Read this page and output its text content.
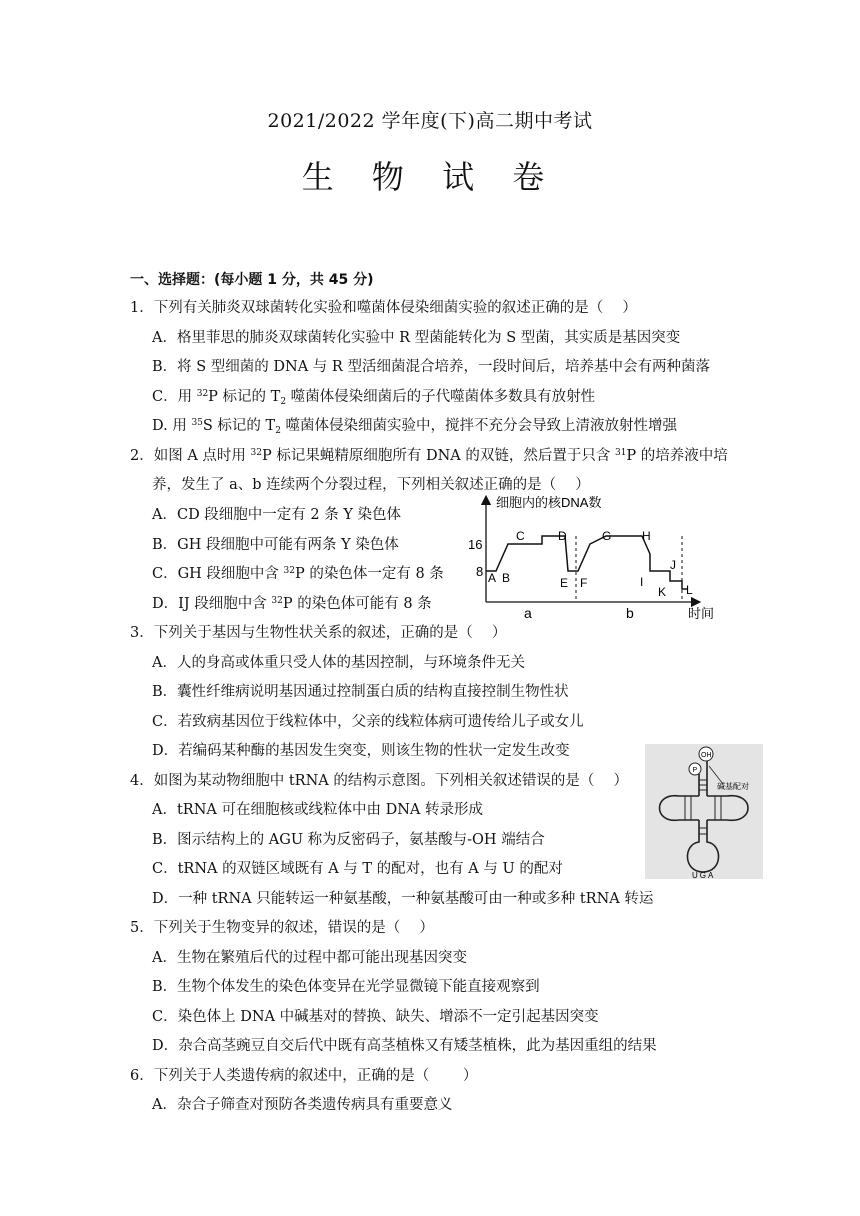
2021/2022 学年度(下)高二期中考试
生 物 试 卷
一、选择题：(每小题 1 分，共 45 分)
1．下列有关肺炎双球菌转化实验和噬菌体侵染细菌实验的叙述正确的是（　 ）
A．格里菲思的肺炎双球菌转化实验中 R 型菌能转化为 S 型菌，其实质是基因突变
B．将 S 型细菌的 DNA 与 R 型活细菌混合培养，一段时间后，培养基中会有两种菌落
C．用 $^{32}$P 标记的 $T_2$ 噬菌体侵染细菌后的子代噬菌体多数具有放射性
D. 用 $^{35}$S 标记的 $T_2$ 噬菌体侵染细菌实验中，搅拌不充分会导致上清液放射性增强
2．如图 A 点时用 $^{32}$P 标记果蝇精原细胞所有 DNA 的双链，然后置于只含 $^{31}$P 的培养液中培
养，发生了 a、b 连续两个分裂过程，下列相关叙述正确的是（　 ）
A．CD 段细胞中一定有 2 条 Y 染色体
B．GH 段细胞中可能有两条 Y 染色体
C．GH 段细胞中含 $^{32}$P 的染色体一定有 8 条
D．IJ 段细胞中含 $^{32}$P 的染色体可能有 8 条
细胞内的核DNA数
16
8 A B
C	D
E F
G	H
I
J
K L
a	b	时间
3．下列关于基因与生物性状关系的叙述，正确的是（　 ）
A．人的身高或体重只受人体的基因控制，与环境条件无关
B．囊性纤维病说明基因通过控制蛋白质的结构直接控制生物性状
C．若致病基因位于线粒体中，父亲的线粒体病可遗传给儿子或女儿
D．若编码某种酶的基因发生突变，则该生物的性状一定发生改变	OH
P
碱基配对
UGA
4．如图为某动物细胞中 tRNA 的结构示意图。下列相关叙述错误的是（　 ）
A．tRNA 可在细胞核或线粒体中由 DNA 转录形成
B．图示结构上的 AGU 称为反密码子，氨基酸与-OH 端结合
C．tRNA 的双链区域既有 A 与 T 的配对，也有 A 与 U 的配对
D．一种 tRNA 只能转运一种氨基酸，一种氨基酸可由一种或多种 tRNA 转运
5．下列关于生物变异的叙述，错误的是（　 ）
A．生物在繁殖后代的过程中都可能出现基因突变
B．生物个体发生的染色体变异在光学显微镜下能直接观察到
C．染色体上 DNA 中碱基对的替换、缺失、增添不一定引起基因突变
D．杂合高茎豌豆自交后代中既有高茎植株又有矮茎植株，此为基因重组的结果
6．下列关于人类遗传病的叙述中，正确的是（　　 ）
A．杂合子筛查对预防各类遗传病具有重要意义
